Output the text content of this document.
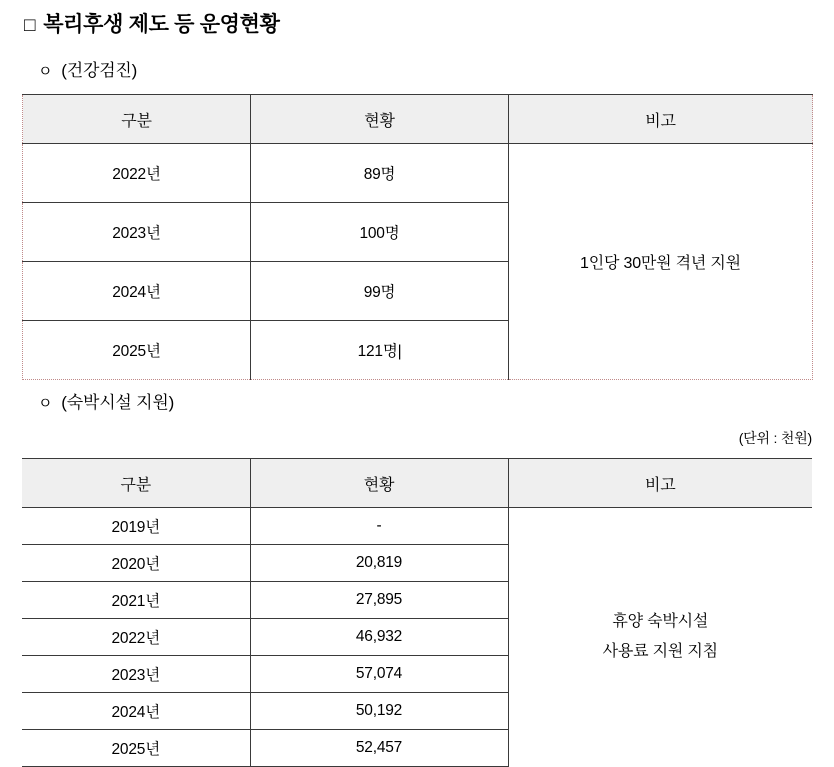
□ 복리후생 제도 등 운영현황
ㅇ (건강검진)
구분	현황	비고
2022년	89명	1인당 30만원 격년 지원
2023년	100명	
2024년	99명	
2025년	121명|	
ㅇ (숙박시설 지원)
(단위 : 천원)
구분	현황	비고
2019년	-	휴양 숙박시설
사용료 지원 지침

2020년	20,819	
2021년	27,895	
2022년	46,932	
2023년	57,074	
2024년	50,192	
2025년	52,457	
